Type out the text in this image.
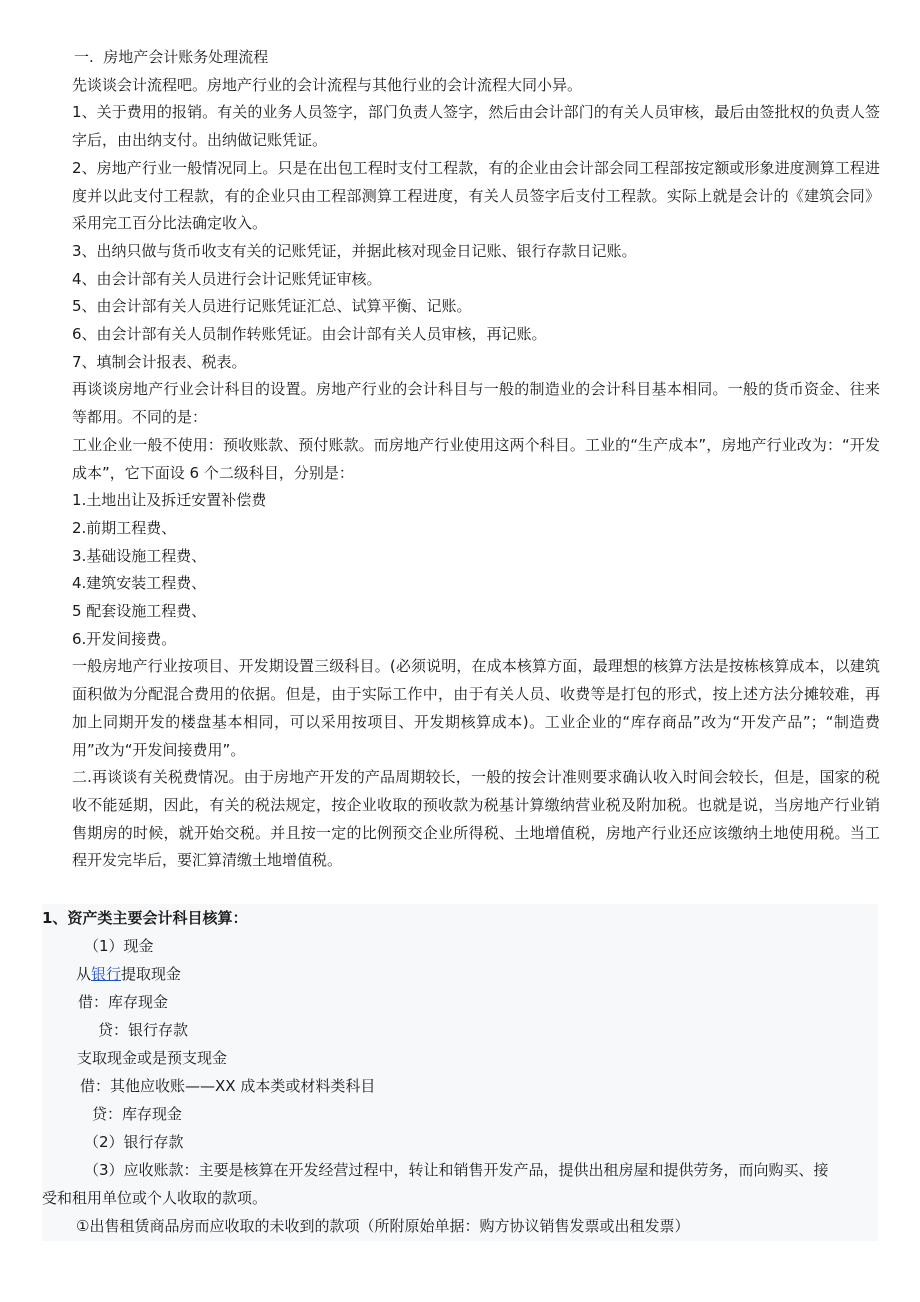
一.  房地产会计账务处理流程

先谈谈会计流程吧。房地产行业的会计流程与其他行业的会计流程大同小异。

1、关于费用的报销。有关的业务人员签字，部门负责人签字，然后由会计部门的有关人员审核，最后由签批权的负责人签字后，由出纳支付。出纳做记账凭证。

2、房地产行业一般情况同上。只是在出包工程时支付工程款，有的企业由会计部会同工程部按定额或形象进度测算工程进度并以此支付工程款，有的企业只由工程部测算工程进度，有关人员签字后支付工程款。实际上就是会计的《建筑会同》采用完工百分比法确定收入。

3、出纳只做与货币收支有关的记账凭证，并据此核对现金日记账、银行存款日记账。

4、由会计部有关人员进行会计记账凭证审核。

5、由会计部有关人员进行记账凭证汇总、试算平衡、记账。

6、由会计部有关人员制作转账凭证。由会计部有关人员审核，再记账。

7、填制会计报表、税表。

再谈谈房地产行业会计科目的设置。房地产行业的会计科目与一般的制造业的会计科目基本相同。一般的货币资金、往来等都用。不同的是：

工业企业一般不使用：预收账款、预付账款。而房地产行业使用这两个科目。工业的“生产成本”，房地产行业改为：“开发成本”，它下面设 6 个二级科目，分别是：

1.土地出让及拆迁安置补偿费

2.前期工程费、

3.基础设施工程费、

4.建筑安装工程费、

5 配套设施工程费、

6.开发间接费。

一般房地产行业按项目、开发期设置三级科目。(必须说明，在成本核算方面，最理想的核算方法是按栋核算成本，以建筑面积做为分配混合费用的依据。但是，由于实际工作中，由于有关人员、收费等是打包的形式，按上述方法分摊较难，再加上同期开发的楼盘基本相同，可以采用按项目、开发期核算成本)。工业企业的“库存商品”改为“开发产品”；“制造费用”改为“开发间接费用”。

二.再谈谈有关税费情况。由于房地产开发的产品周期较长，一般的按会计准则要求确认收入时间会较长，但是，国家的税收不能延期，因此，有关的税法规定，按企业收取的预收款为税基计算缴纳营业税及附加税。也就是说，当房地产行业销售期房的时候，就开始交税。并且按一定的比例预交企业所得税、土地增值税，房地产行业还应该缴纳土地使用税。当工程开发完毕后，要汇算清缴土地增值税。

1、资产类主要会计科目核算：

（1）现金

从银行提取现金

借：库存现金

贷：银行存款

支取现金或是预支现金

借：其他应收账——XX 成本类或材料类科目

贷：库存现金

（2）银行存款

（3）应收账款：主要是核算在开发经营过程中，转让和销售开发产品，提供出租房屋和提供劳务，而向购买、接

受和租用单位或个人收取的款项。

①出售租赁商品房而应收取的未收到的款项（所附原始单据：购方协议销售发票或出租发票）
